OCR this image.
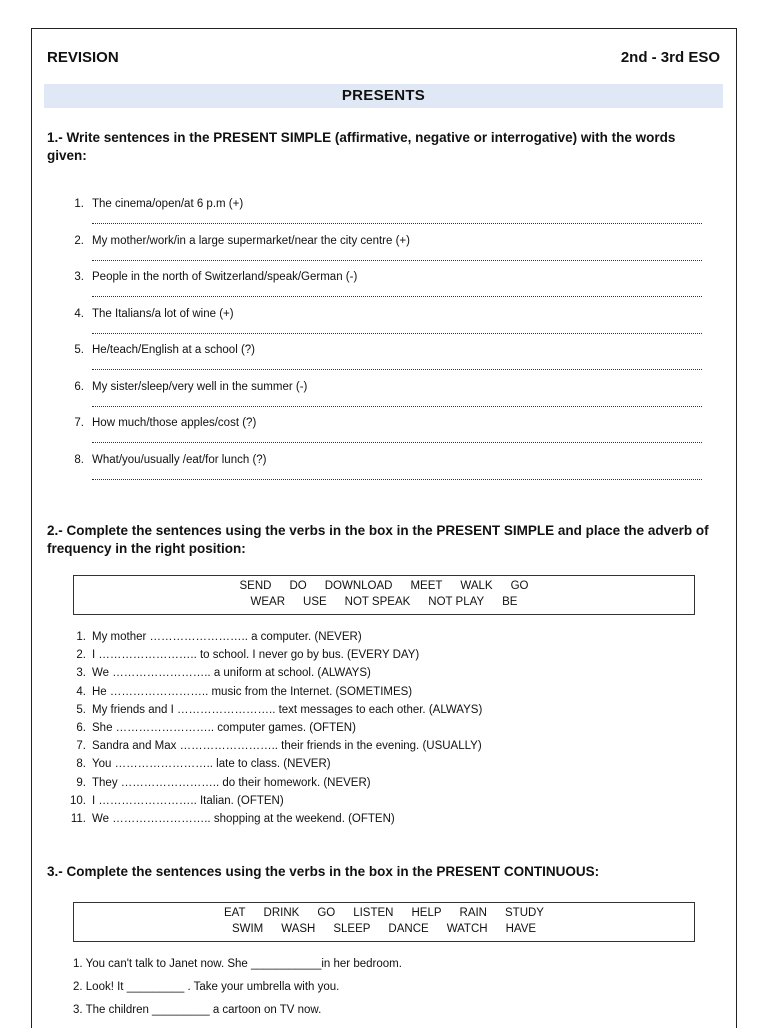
REVISION	2nd - 3rd ESO
PRESENTS
1.- Write sentences in the PRESENT SIMPLE (affirmative, negative or interrogative) with the words given:
1. The cinema/open/at 6 p.m (+)
2. My mother/work/in a large supermarket/near the city centre (+)
3. People in the north of Switzerland/speak/German (-)
4. The Italians/a lot of wine (+)
5. He/teach/English at a school (?)
6. My sister/sleep/very well in the summer (-)
7. How much/those apples/cost (?)
8. What/you/usually /eat/for lunch (?)
2.- Complete the sentences using the verbs in the box in the PRESENT SIMPLE and place the adverb of frequency in the right position:
SEND DO DOWNLOAD MEET WALK GO
WEAR USE NOT SPEAK NOT PLAY BE
1. My mother …………………….. a computer. (NEVER)
2. I …………………….. to school. I never go by bus. (EVERY DAY)
3. We …………………….. a uniform at school. (ALWAYS)
4. He …………………….. music from the Internet. (SOMETIMES)
5. My friends and I …………………….. text messages to each other. (ALWAYS)
6. She …………………….. computer games. (OFTEN)
7. Sandra and Max …………………….. their friends in the evening. (USUALLY)
8. You …………………….. late to class. (NEVER)
9. They …………………….. do their homework. (NEVER)
10. I …………………….. Italian. (OFTEN)
11. We …………………….. shopping at the weekend. (OFTEN)
3.- Complete the sentences using the verbs in the box in the PRESENT CONTINUOUS:
EAT DRINK GO LISTEN HELP RAIN STUDY
SWIM WASH SLEEP DANCE WATCH HAVE
1. You can't talk to Janet now. She ___________in her bedroom.
2. Look! It _________ . Take your umbrella with you.
3. The children _________ a cartoon on TV now.
